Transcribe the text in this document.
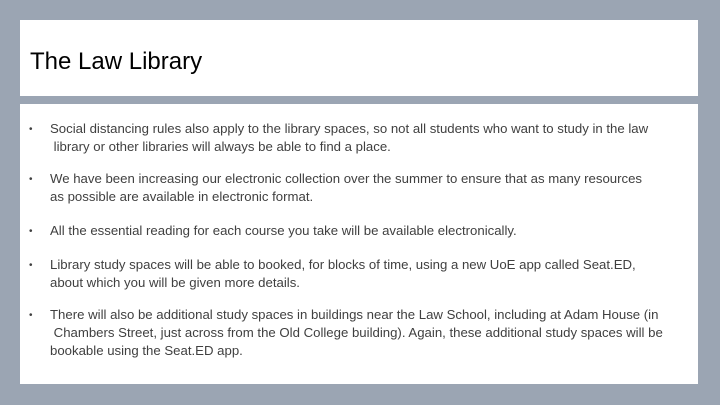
The Law Library
• Social distancing rules also apply to the library spaces, so not all students who want to study in the law
library or other libraries will always be able to find a place.
• We have been increasing our electronic collection over the summer to ensure that as many resources
as possible are available in electronic format.
• All the essential reading for each course you take will be available electronically.
• Library study spaces will be able to booked, for blocks of time, using a new UoE app called Seat.ED,
about which you will be given more details.
• There will also be additional study spaces in buildings near the Law School, including at Adam House (in
Chambers Street, just across from the Old College building). Again, these additional study spaces will be
bookable using the Seat.ED app.
